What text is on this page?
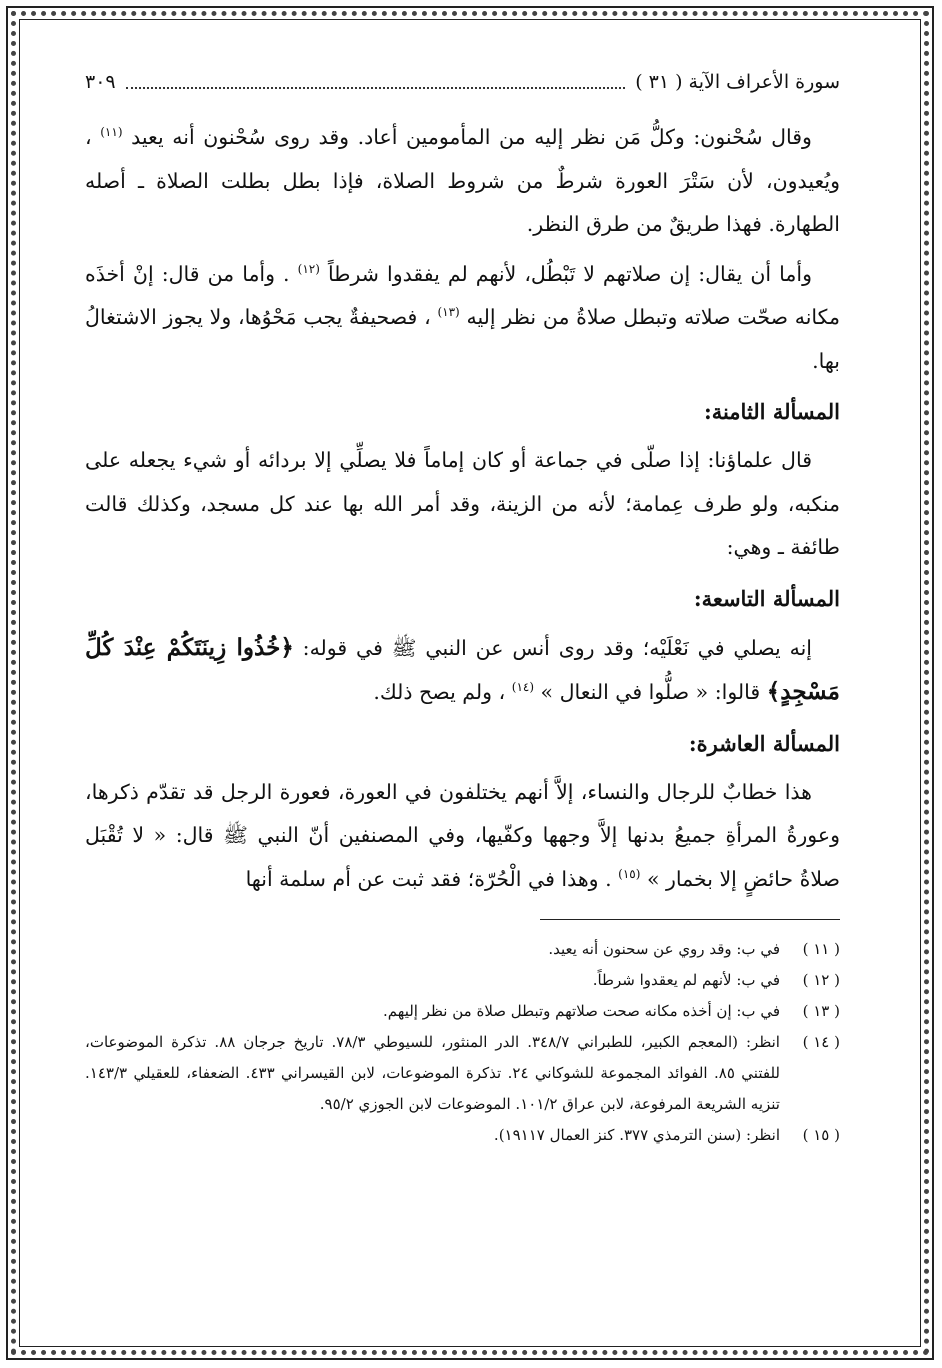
سورة الأعراف الآية ( ٣١ )
٣٠٩

وقال سُحْنون: وكلُّ مَن نظر إليه من المأمومين أعاد. وقد روى سُحْنون أنه يعيد $^{(١١)}$ ، ويُعيدون، لأن سَتْرَ العورة شرطٌ من شروط الصلاة، فإذا بطل بطلت الصلاة ـ أصله الطهارة. فهذا طريقٌ من طرق النظر.

وأما أن يقال: إن صلاتهم لا تَبْطُل، لأنهم لم يفقدوا شرطاً $^{(١٢)}$ . وأما من قال: إنْ أخذَه مكانه صحّت صلاته وتبطل صلاةُ من نظر إليه $^{(١٣)}$ ، فصحيفةٌ يجب مَحْوُها، ولا يجوز الاشتغالُ بها.

المسألة الثامنة:

قال علماؤنا: إذا صلّى في جماعة أو كان إماماً فلا يصلِّي إلا بردائه أو شيء يجعله على منكبه، ولو طرف عِمامة؛ لأنه من الزينة، وقد أمر الله بها عند كل مسجد، وكذلك قالت طائفة ـ وهي:

المسألة التاسعة:

إنه يصلي في نَعْلَيْه؛ وقد روى أنس عن النبي ﷺ في قوله: ﴿خُذُوا زِينَتَكُمْ عِنْدَ كُلِّ مَسْجِدٍ﴾ قالوا: « صلُّوا في النعال » $^{(١٤)}$ ، ولم يصح ذلك.

المسألة العاشرة:

هذا خطابٌ للرجال والنساء، إلاَّ أنهم يختلفون في العورة، فعورة الرجل قد تقدّم ذكرها، وعورةُ المرأةِ جميعُ بدنها إلاَّ وجهها وكفّيها، وفي المصنفين أنّ النبي ﷺ قال: « لا تُقْبَل صلاةُ حائضٍ إلا بخمار » $^{(١٥)}$ . وهذا في الْحُرّة؛ فقد ثبت عن أم سلمة أنها

( ١١ )
في ب: وقد روي عن سحنون أنه يعيد.
( ١٢ )
في ب: لأنهم لم يعقدوا شرطاً.
( ١٣ )
في ب: إن أخذه مكانه صحت صلاتهم وتبطل صلاة من نظر إليهم.
( ١٤ )
انظر: (المعجم الكبير، للطبراني ٣٤٨/٧. الدر المنثور، للسيوطي ٧٨/٣. تاريخ جرجان ٨٨. تذكرة الموضوعات، للفتني ٨٥. الفوائد المجموعة للشوكاني ٢٤. تذكرة الموضوعات، لابن القيسراني ٤٣٣. الضعفاء، للعقيلي ١٤٣/٣. تنزيه الشريعة المرفوعة، لابن عراق ١٠١/٢. الموضوعات لابن الجوزي ٩٥/٢.
( ١٥ )
انظر: (سنن الترمذي ٣٧٧. كنز العمال ١٩١١٧).
